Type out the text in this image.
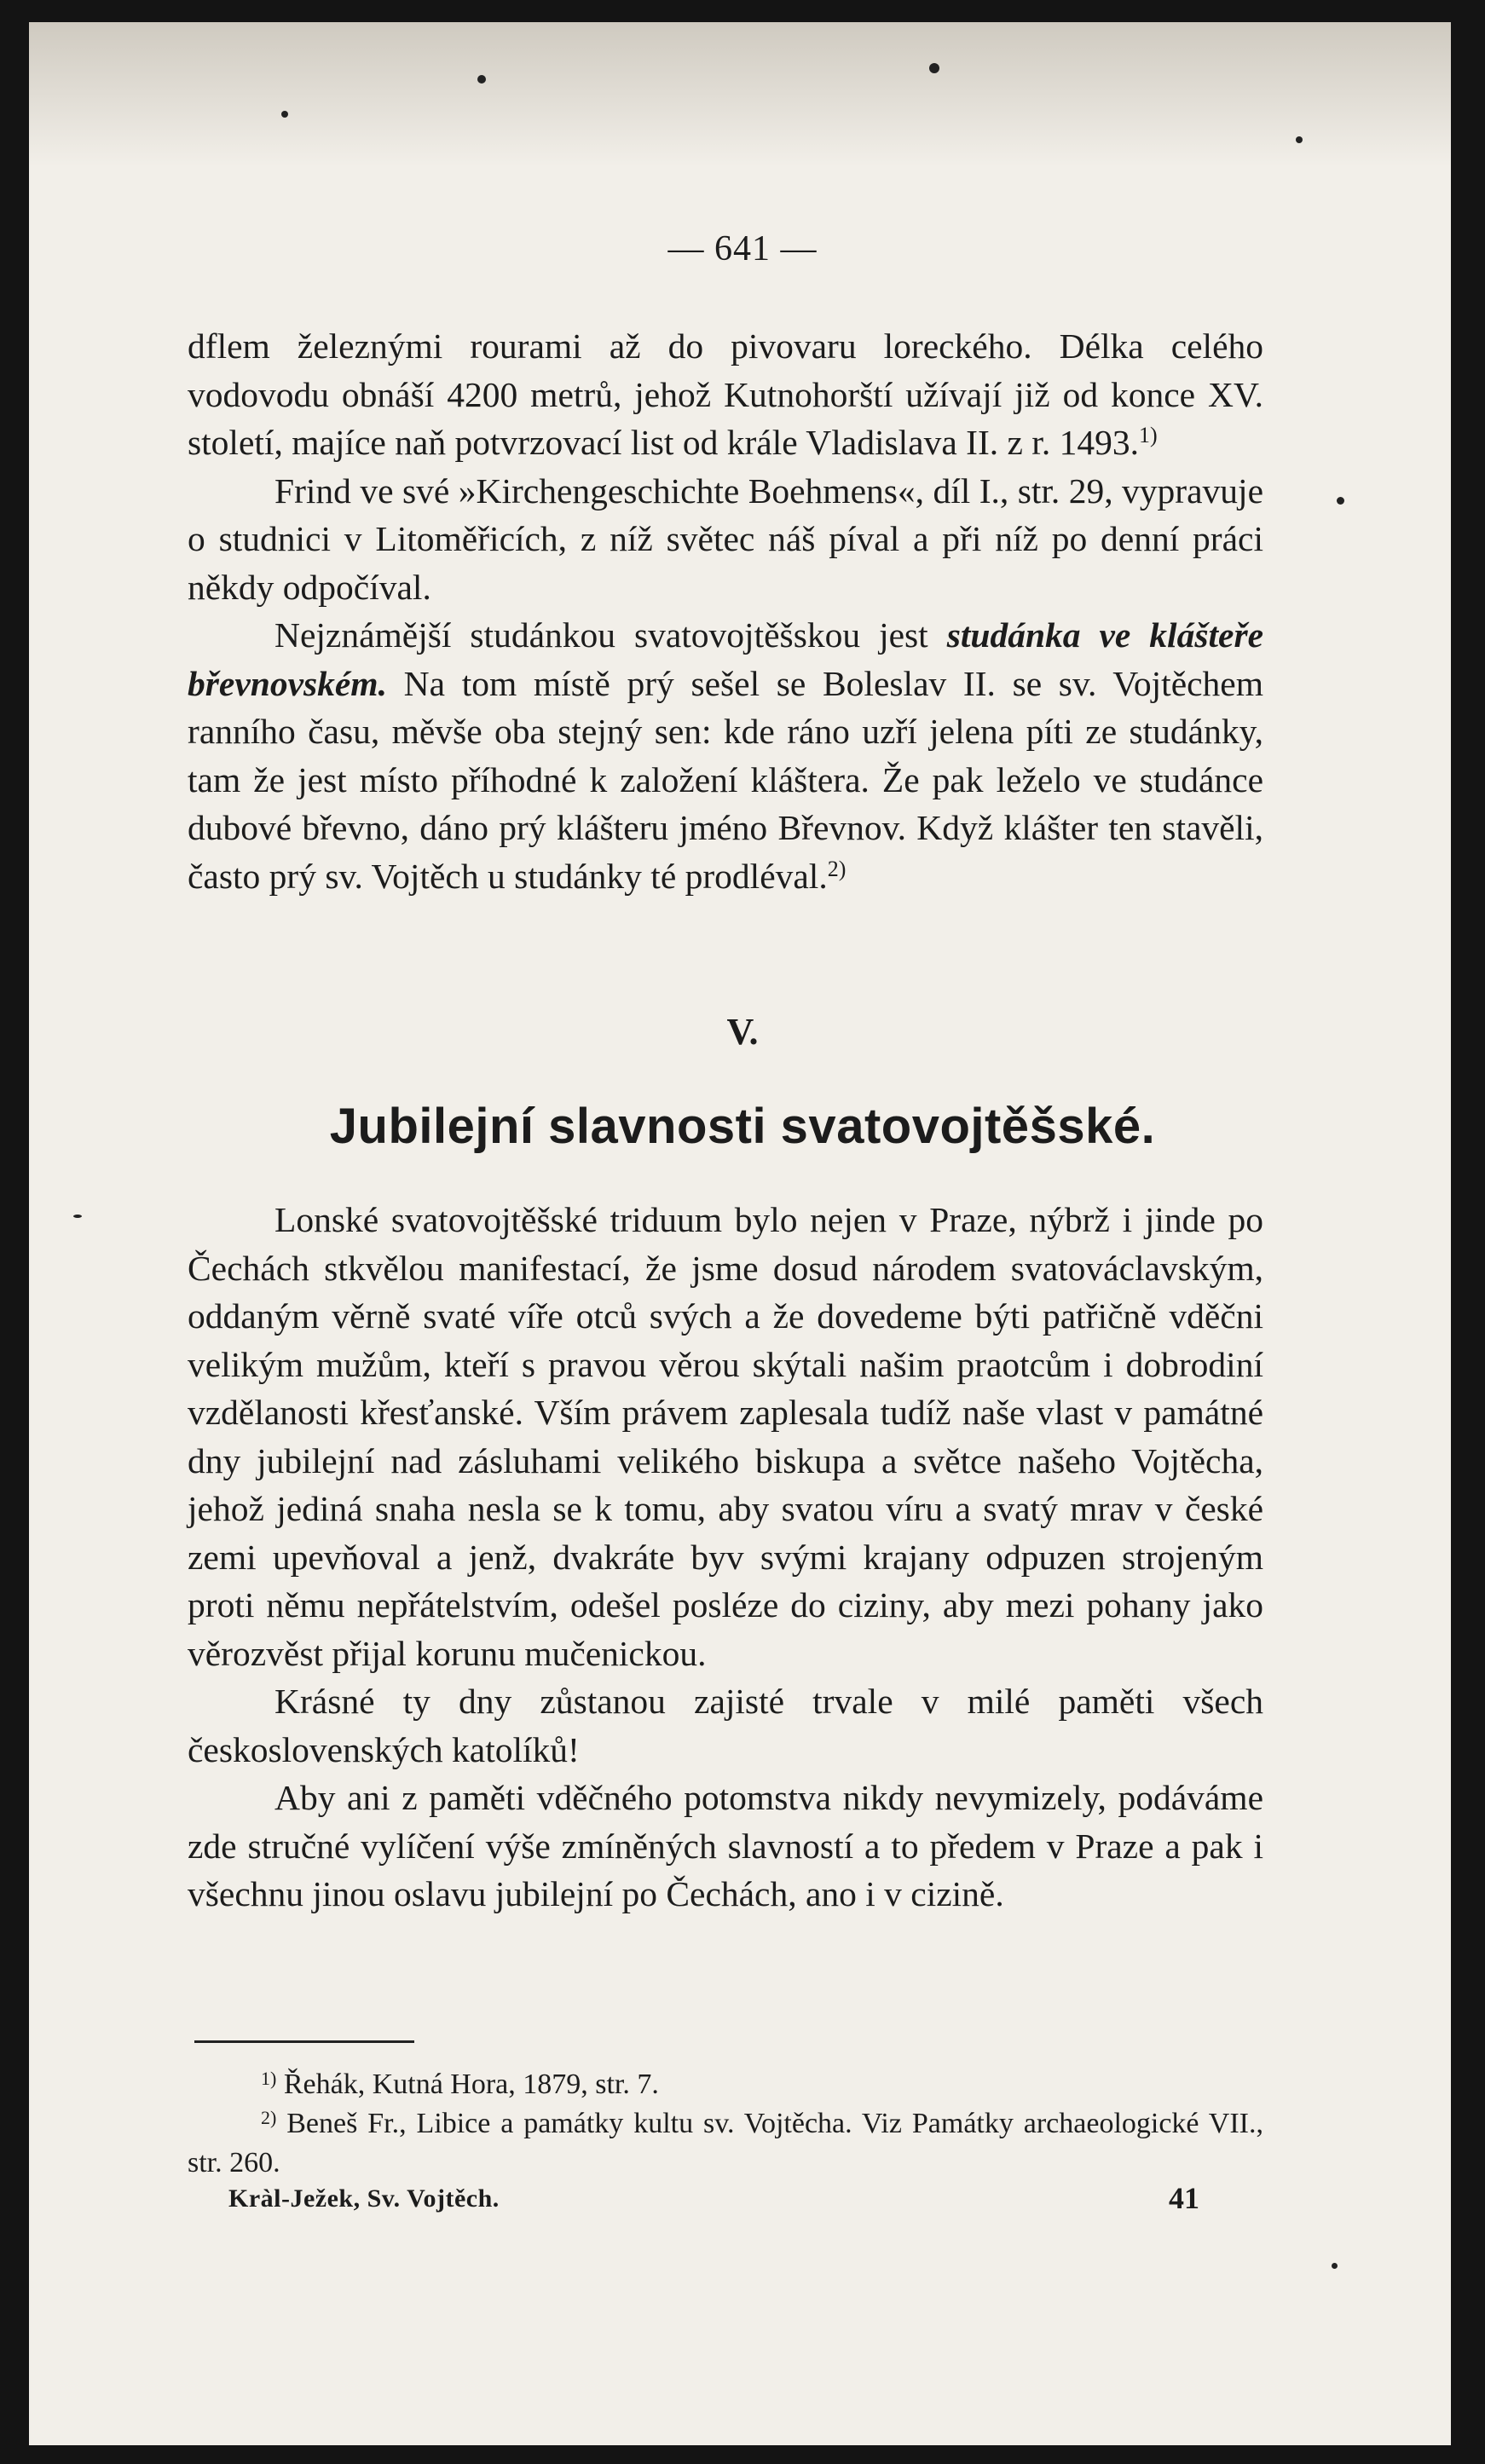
— 641 —

dflem železnými rourami až do pivovaru loreckého. Délka celého vodovodu obnáší 4200 metrů, jehož Kutnohorští užívají již od konce XV. století, majíce naň potvrzovací list od krále Vladislava II. z r. 1493.$^{1)}$

Frind ve své »Kirchengeschichte Boehmens«, díl I., str. 29, vypravuje o studnici v Litoměřicích, z níž světec náš píval a při níž po denní práci někdy odpočíval.

Nejznámější studánkou svatovojtěšskou jest studánka ve klášteře břevnovském. Na tom místě prý sešel se Boleslav II. se sv. Vojtěchem ranního času, měvše oba stejný sen: kde ráno uzří jelena píti ze studánky, tam že jest místo příhodné k založení kláštera. Že pak leželo ve studánce dubové břevno, dáno prý klášteru jméno Břevnov. Když klášter ten stavěli, často prý sv. Vojtěch u studánky té prodléval.$^{2)}$

V.
Jubilejní slavnosti svatovojtěšské.

Lonské svatovojtěšské triduum bylo nejen v Praze, nýbrž i jinde po Čechách stkvělou manifestací, že jsme dosud národem svatováclavským, oddaným věrně svaté víře otců svých a že dovedeme býti patřičně vděčni velikým mužům, kteří s pravou věrou skýtali našim praotcům i dobrodiní vzdělanosti křesťanské. Vším právem zaplesala tudíž naše vlast v památné dny jubilejní nad zásluhami velikého biskupa a světce našeho Vojtěcha, jehož jediná snaha nesla se k tomu, aby svatou víru a svatý mrav v české zemi upevňoval a jenž, dvakráte byv svými krajany odpuzen strojeným proti němu nepřátelstvím, odešel posléze do ciziny, aby mezi pohany jako věrozvěst přijal korunu mučenickou.

Krásné ty dny zůstanou zajisté trvale v milé paměti všech československých katolíků!

Aby ani z paměti vděčného potomstva nikdy nevymizely, podáváme zde stručné vylíčení výše zmíněných slavností a to předem v Praze a pak i všechnu jinou oslavu jubilejní po Čechách, ano i v cizině.

$^{1)}$ Řehák, Kutná Hora, 1879, str. 7.

$^{2)}$ Beneš Fr., Libice a památky kultu sv. Vojtěcha. Viz Památky archaeologické VII., str. 260.

Kràl-Ježek, Sv. Vojtěch.	41
